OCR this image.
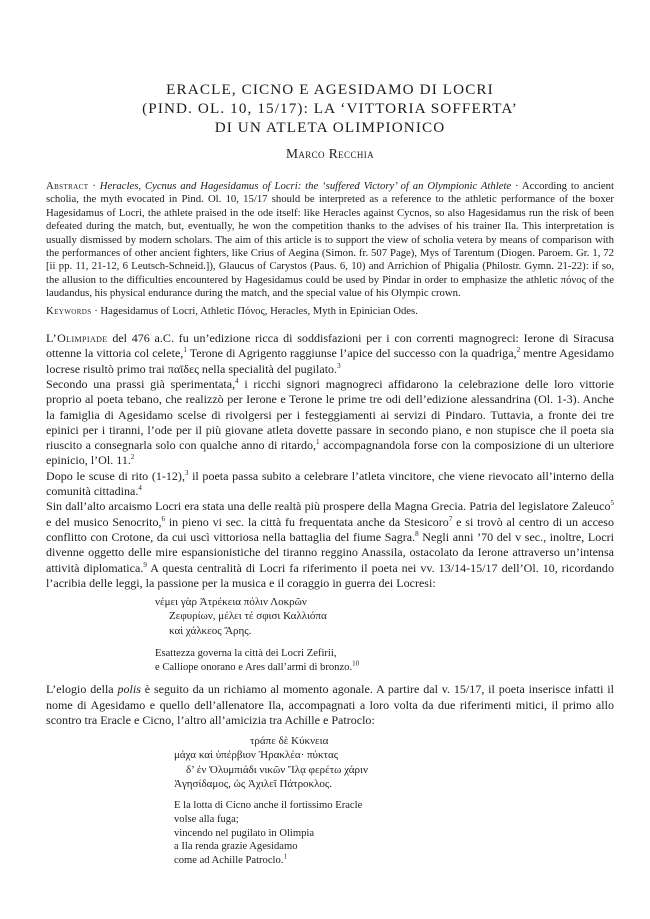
ERACLE, CICNO E AGESIDAMO DI LOCRI

(PIND. OL. 10, 15/17): LA ‘VITTORIA SOFFERTA’

DI UN ATLETA OLIMPIONICO

Marco Recchia

Abstract · Heracles, Cycnus and Hagesidamus of Locri: the ‘suffered Victory’ of an Olympionic Athlete · According to ancient scholia, the myth evocated in Pind. Ol. 10, 15/17 should be interpreted as a reference to the athletic performance of the boxer Hagesidamus of Locri, the athlete praised in the ode itself: like Heracles against Cycnos, so also Hagesidamus run the risk of been defeated during the match, but, eventually, he won the competition thanks to the advises of his trainer Ila. This interpretation is usually dismissed by modern scholars. The aim of this article is to support the view of scholia vetera by means of comparison with the performances of other ancient fighters, like Crius of Aegina (Simon. fr. 507 Page), Mys of Tarentum (Diogen. Paroem. Gr. 1, 72 [ii pp. 11, 21-12, 6 Leutsch-Schneid.]), Glaucus of Carystos (Paus. 6, 10) and Arrichion of Phigalia (Philostr. Gymn. 21-22): if so, the allusion to the difficulties encountered by Hagesidamus could be used by Pindar in order to emphasize the athletic πόνος of the laudandus, his physical endurance during the match, and the special value of his Olympic crown.

Keywords · Hagesidamus of Locri, Athletic Πόνος, Heracles, Myth in Epinician Odes.

L’Olimpiade del 476 a.C. fu un’edizione ricca di soddisfazioni per i con correnti magnogreci: Ierone di Siracusa ottenne la vittoria col celete,$^1$ Terone di Agrigento raggiunse l’apice del successo con la quadriga,$^2$ mentre Agesidamo locrese risultò primo trai παῖδες nella specialità del pugilato.$^3$

Secondo una prassi già sperimentata,$^4$ i ricchi signori magnogreci affidarono la celebrazione delle loro vittorie proprio al poeta tebano, che realizzò per Ierone e Terone le prime tre odi dell’edizione alessandrina (Ol. 1-3). Anche la famiglia di Agesidamo scelse di rivolgersi per i festeggiamenti ai servizi di Pindaro. Tuttavia, a fronte dei tre epinici per i tiranni, l’ode per il più giovane atleta dovette passare in secondo piano, e non stupisce che il poeta sia riuscito a consegnarla solo con qualche anno di ritardo,$^1$ accompagnandola forse con la composizione di un ulteriore epinicio, l’Ol. 11.$^2$

Dopo le scuse di rito (1-12),$^3$ il poeta passa subito a celebrare l’atleta vincitore, che viene rievocato all’interno della comunità cittadina.$^4$

Sin dall’alto arcaismo Locri era stata una delle realtà più prospere della Magna Grecia. Patria del legislatore Zaleuco$^5$ e del musico Senocrito,$^6$ in pieno vi sec. la città fu frequentata anche da Stesicoro$^7$ e si trovò al centro di un acceso conflitto con Crotone, da cui uscì vittoriosa nella battaglia del fiume Sagra.$^8$ Negli anni ’70 del v sec., inoltre, Locri divenne oggetto delle mire espansionistiche del tiranno reggino Anassila, ostacolato da Ierone attraverso un’intensa attività diplomatica.$^9$ A questa centralità di Locri fa riferimento il poeta nei vv. 13/14-15/17 dell’Ol. 10, ricordando l’acribia delle leggi, la passione per la musica e il coraggio in guerra dei Locresi:

νέμει γὰρ Ἀτρέκεια πόλιν Λοκρῶν
Ζεφυρίων, μέλει τέ σφισι Καλλιόπα
καὶ χάλκεος Ἄρης.
Esattezza governa la città dei Locri Zefirii,
e Calliope onorano e Ares dall’armi di bronzo.$^{10}$

L’elogio della polis è seguito da un richiamo al momento agonale. A partire dal v. 15/17, il poeta inserisce infatti il nome di Agesidamo e quello dell’allenatore Ila, accompagnati a loro volta da due riferimenti mitici, il primo allo scontro tra Eracle e Cicno, l’altro all’amicizia tra Achille e Patroclo:

τράπε δὲ Κύκνεια
μάχα καὶ ὑπέρβιον Ἡρακλέα· πύκτας
δ’ ἐν Ὀλυμπιάδι νικῶν Ἴλᾳ φερέτω χάριν
Ἁγησίδαμος, ὡς Ἀχιλεῖ Πάτροκλος.
E la lotta di Cicno anche il fortissimo Eracle
volse alla fuga;
vincendo nel pugilato in Olimpia
a Ila renda grazie Agesidamo
come ad Achille Patroclo.$^1$
